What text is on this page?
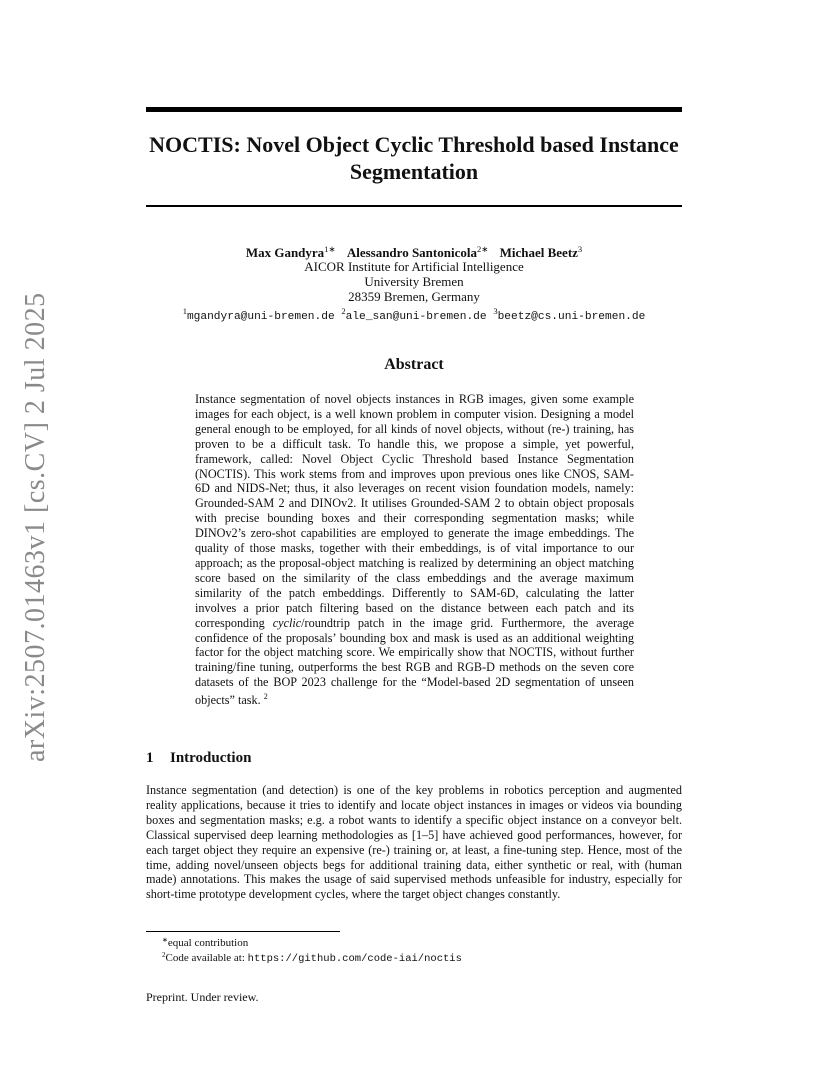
arXiv:2507.01463v1 [cs.CV] 2 Jul 2025
NOCTIS: Novel Object Cyclic Threshold based Instance Segmentation
Max Gandyra$^{1∗}$ Alessandro Santonicola$^{2∗}$ Michael Beetz$^3$
AICOR Institute for Artificial Intelligence
University Bremen
28359 Bremen, Germany
$^1$mgandyra@uni-bremen.de $^2$ale_san@uni-bremen.de $^3$beetz@cs.uni-bremen.de
Abstract

Instance segmentation of novel objects instances in RGB images, given some example images for each object, is a well known problem in computer vision. Designing a model general enough to be employed, for all kinds of novel objects, without (re-) training, has proven to be a difficult task. To handle this, we propose a simple, yet powerful, framework, called: Novel Object Cyclic Threshold based Instance Segmentation (NOCTIS). This work stems from and improves upon previous ones like CNOS, SAM-6D and NIDS-Net; thus, it also leverages on recent vision foundation models, namely: Grounded-SAM 2 and DINOv2. It utilises Grounded-SAM 2 to obtain object proposals with precise bounding boxes and their corresponding segmentation masks; while DINOv2’s zero-shot capabilities are employed to generate the image embeddings. The quality of those masks, together with their embeddings, is of vital importance to our approach; as the proposal-object matching is realized by determining an object matching score based on the similarity of the class embeddings and the average maximum similarity of the patch embeddings. Differently to SAM-6D, calculating the latter involves a prior patch filtering based on the distance between each patch and its corresponding cyclic/roundtrip patch in the image grid. Furthermore, the average confidence of the proposals’ bounding box and mask is used as an additional weighting factor for the object matching score. We empirically show that NOCTIS, without further training/fine tuning, outperforms the best RGB and RGB-D methods on the seven core datasets of the BOP 2023 challenge for the “Model-based 2D segmentation of unseen objects” task. $^2$

1 Introduction

Instance segmentation (and detection) is one of the key problems in robotics perception and augmented reality applications, because it tries to identify and locate object instances in images or videos via bounding boxes and segmentation masks; e.g. a robot wants to identify a specific object instance on a conveyor belt. Classical supervised deep learning methodologies as [1–5] have achieved good performances, however, for each target object they require an expensive (re-) training or, at least, a fine-tuning step. Hence, most of the time, adding novel/unseen objects begs for additional training data, either synthetic or real, with (human made) annotations. This makes the usage of said supervised methods unfeasible for industry, especially for short-time prototype development cycles, where the target object changes constantly.

∗equal contribution
$^2$Code available at: https://github.com/code-iai/noctis
Preprint. Under review.
